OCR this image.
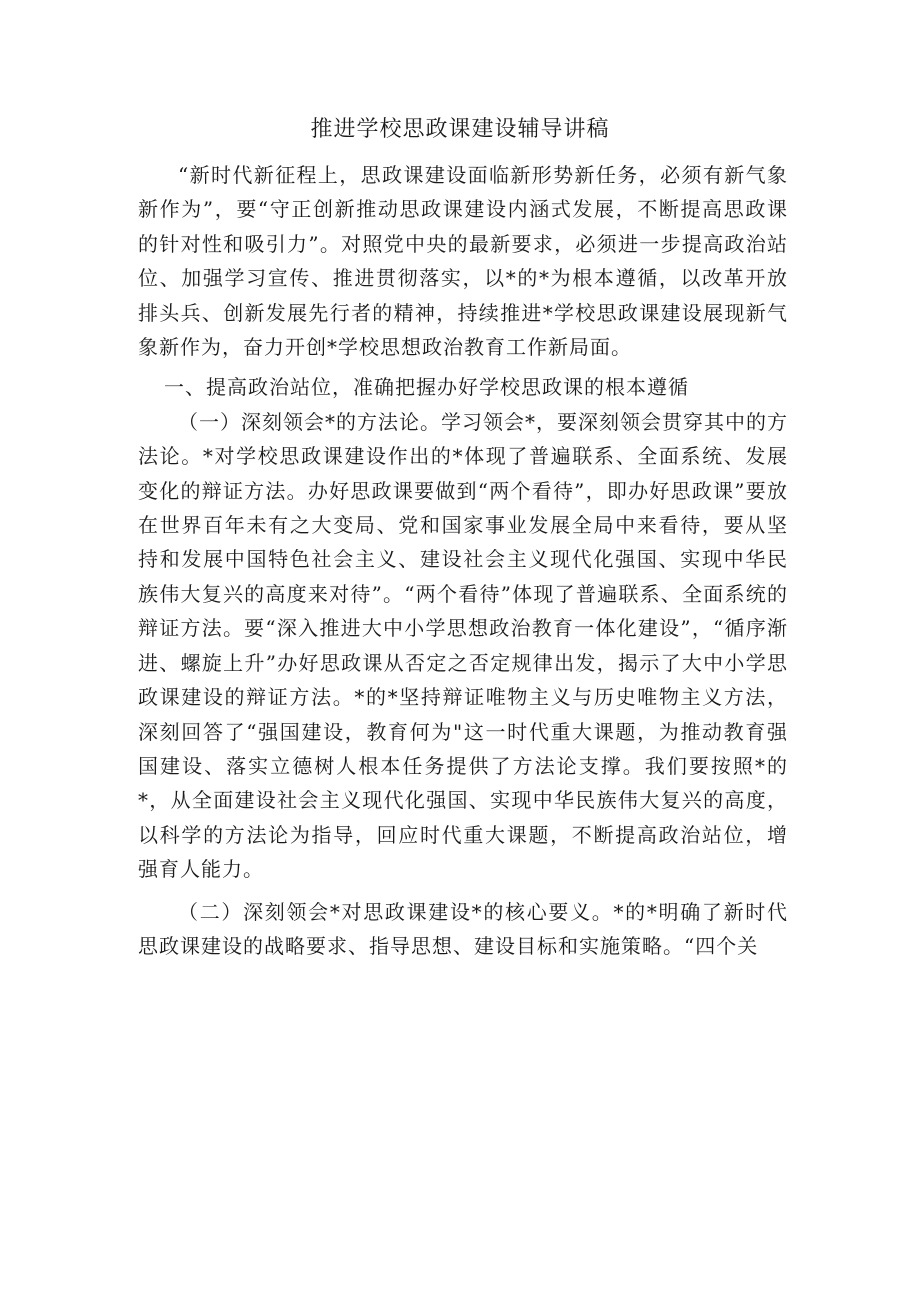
推进学校思政课建设辅导讲稿

“新时代新征程上，思政课建设面临新形势新任务，必须有新气象新作为”，要“守正创新推动思政课建设内涵式发展，不断提高思政课的针对性和吸引力”。对照党中央的最新要求，必须进一步提高政治站位、加强学习宣传、推进贯彻落实，以*的*为根本遵循，以改革开放排头兵、创新发展先行者的精神，持续推进*学校思政课建设展现新气象新作为，奋力开创*学校思想政治教育工作新局面。

一、提高政治站位，准确把握办好学校思政课的根本遵循

（一）深刻领会*的方法论。学习领会*，要深刻领会贯穿其中的方法论。*对学校思政课建设作出的*体现了普遍联系、全面系统、发展变化的辩证方法。办好思政课要做到“两个看待”，即办好思政课”要放在世界百年未有之大变局、党和国家事业发展全局中来看待，要从坚持和发展中国特色社会主义、建设社会主义现代化强国、实现中华民族伟大复兴的高度来对待”。“两个看待”体现了普遍联系、全面系统的辩证方法。要“深入推进大中小学思想政治教育一体化建设”，“循序渐进、螺旋上升”办好思政课从否定之否定规律出发，揭示了大中小学思政课建设的辩证方法。*的*坚持辩证唯物主义与历史唯物主义方法，深刻回答了“强国建设，教育何为"这一时代重大课题，为推动教育强国建设、落实立德树人根本任务提供了方法论支撑。我们要按照*的*，从全面建设社会主义现代化强国、实现中华民族伟大复兴的高度，以科学的方法论为指导，回应时代重大课题，不断提高政治站位，增强育人能力。

（二）深刻领会*对思政课建设*的核心要义。*的*明确了新时代思政课建设的战略要求、指导思想、建设目标和实施策略。“四个关
